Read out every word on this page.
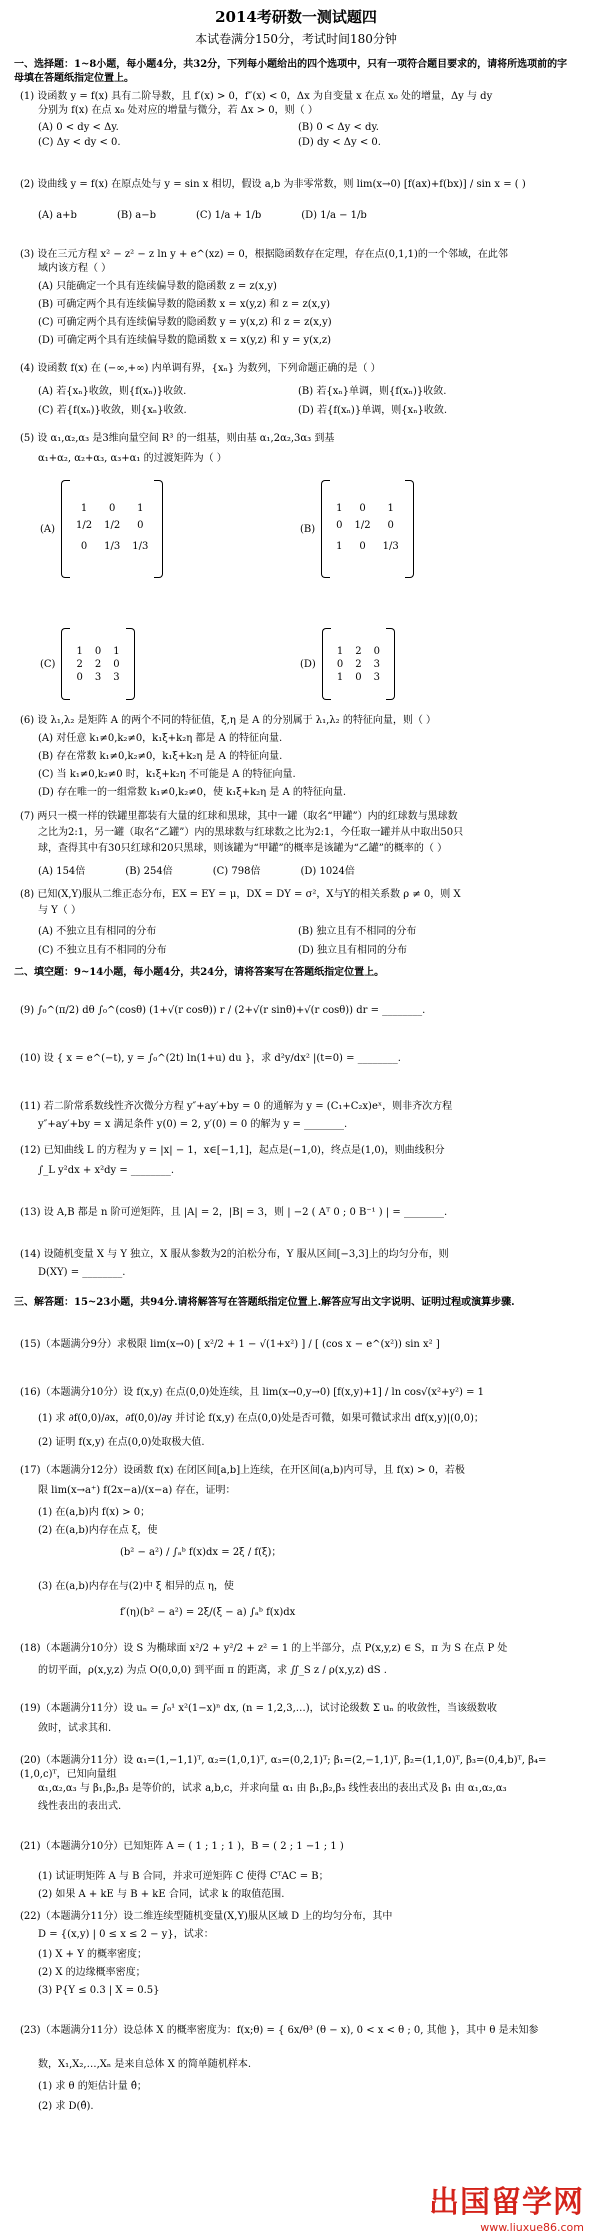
2014考研数一测试题四
本试卷满分150分，考试时间180分钟
一、选择题：1~8小题，每小题4分，共32分，下列每小题给出的四个选项中，只有一项符合题目要求的，请将所选项前的字母填在答题纸指定位置上。
(1) 设函数 y = f(x) 具有二阶导数，且 f′(x) > 0，f″(x) < 0，Δx 为自变量 x 在点 x₀ 处的增量，Δy 与 dy
分别为 f(x) 在点 x₀ 处对应的增量与微分，若 Δx > 0，则（ ）
(A) 0 < dy < Δy.	(B) 0 < Δy < dy.
(C) Δy < dy < 0.	(D) dy < Δy < 0.
(2) 设曲线 y = f(x) 在原点处与 y = sin x 相切，假设 a,b 为非零常数，则 lim(x→0) [f(ax)+f(bx)] / sin x = ( )
(A) a+b	(B) a−b	(C) 1/a + 1/b	(D) 1/a − 1/b
(3) 设在三元方程 x² − z² − z ln y + e^(xz) = 0，根据隐函数存在定理，存在点(0,1,1)的一个邻域，在此邻
域内该方程（ ）
(A) 只能确定一个具有连续偏导数的隐函数 z = z(x,y)
(B) 可确定两个具有连续偏导数的隐函数 x = x(y,z) 和 z = z(x,y)
(C) 可确定两个具有连续偏导数的隐函数 y = y(x,z) 和 z = z(x,y)
(D) 可确定两个具有连续偏导数的隐函数 x = x(y,z) 和 y = y(x,z)
(4) 设函数 f(x) 在 (−∞,+∞) 内单调有界，{xₙ} 为数列，下列命题正确的是（ ）
(A) 若{xₙ}收敛，则{f(xₙ)}收敛.	(B) 若{xₙ}单调，则{f(xₙ)}收敛.
(C) 若{f(xₙ)}收敛，则{xₙ}收敛.	(D) 若{f(xₙ)}单调，则{xₙ}收敛.
(5) 设 α₁,α₂,α₃ 是3维向量空间 R³ 的一组基，则由基 α₁,2α₂,3α₃ 到基
α₁+α₂, α₂+α₃, α₃+α₁ 的过渡矩阵为（ ）
(A)
1	0	1
1/2	1/2	0
0	1/3	1/3
(B)
1	0	1
0	1/2	0
1	0	1/3
(C)
1	0	1
2	2	0
0	3	3
(D)
1	2	0
0	2	3
1	0	3
(6) 设 λ₁,λ₂ 是矩阵 A 的两个不同的特征值，ξ,η 是 A 的分别属于 λ₁,λ₂ 的特征向量，则（ ）
(A) 对任意 k₁≠0,k₂≠0，k₁ξ+k₂η 都是 A 的特征向量.
(B) 存在常数 k₁≠0,k₂≠0，k₁ξ+k₂η 是 A 的特征向量.
(C) 当 k₁≠0,k₂≠0 时，k₁ξ+k₂η 不可能是 A 的特征向量.
(D) 存在唯一的一组常数 k₁≠0,k₂≠0，使 k₁ξ+k₂η 是 A 的特征向量.
(7) 两只一模一样的铁罐里都装有大量的红球和黑球，其中一罐（取名“甲罐”）内的红球数与黑球数
之比为2:1，另一罐（取名“乙罐”）内的黑球数与红球数之比为2:1，今任取一罐并从中取出50只
球，查得其中有30只红球和20只黑球，则该罐为“甲罐”的概率是该罐为“乙罐”的概率的（ ）
(A) 154倍	(B) 254倍	(C) 798倍	(D) 1024倍
(8) 已知(X,Y)服从二维正态分布，EX = EY = μ，DX = DY = σ²，X与Y的相关系数 ρ ≠ 0，则 X
与 Y（ ）
(A) 不独立且有相同的分布	(B) 独立且有不相同的分布
(C) 不独立且有不相同的分布	(D) 独立且有相同的分布
二、填空题：9~14小题，每小题4分，共24分，请将答案写在答题纸指定位置上。
(9) ∫₀^(π/2) dθ ∫₀^(cosθ) (1+√(r cosθ)) r / (2+√(r sinθ)+√(r cosθ)) dr = ________.
(10) 设 { x = e^(−t), y = ∫₀^(2t) ln(1+u) du }，求 d²y/dx² |(t=0) = ________.
(11) 若二阶常系数线性齐次微分方程 y″+ay′+by = 0 的通解为 y = (C₁+C₂x)eˣ，则非齐次方程
y″+ay′+by = x 满足条件 y(0) = 2, y′(0) = 0 的解为 y = ________.
(12) 已知曲线 L 的方程为 y = |x| − 1，x∈[−1,1]，起点是(−1,0)，终点是(1,0)，则曲线积分
∫_L y²dx + x²dy = ________.
(13) 设 A,B 都是 n 阶可逆矩阵，且 |A| = 2，|B| = 3，则 | −2 ( Aᵀ 0 ; 0 B⁻¹ ) | = ________.
(14) 设随机变量 X 与 Y 独立，X 服从参数为2的泊松分布，Y 服从区间[−3,3]上的均匀分布，则
D(XY) = ________.
三、解答题：15~23小题，共94分.请将解答写在答题纸指定位置上.解答应写出文字说明、证明过程或演算步骤.
(15)（本题满分9分）求极限 lim(x→0) [ x²/2 + 1 − √(1+x²) ] / [ (cos x − e^(x²)) sin x² ]
(16)（本题满分10分）设 f(x,y) 在点(0,0)处连续，且 lim(x→0,y→0) [f(x,y)+1] / ln cos√(x²+y²) = 1
(1) 求 ∂f(0,0)/∂x，∂f(0,0)/∂y 并讨论 f(x,y) 在点(0,0)处是否可微，如果可微试求出 df(x,y)|(0,0)；
(2) 证明 f(x,y) 在点(0,0)处取极大值.
(17)（本题满分12分）设函数 f(x) 在闭区间[a,b]上连续，在开区间(a,b)内可导，且 f(x) > 0，若极
限 lim(x→a⁺) f(2x−a)/(x−a) 存在，证明：
(1) 在(a,b)内 f(x) > 0；
(2) 在(a,b)内存在点 ξ，使
(b² − a²) / ∫ₐᵇ f(x)dx = 2ξ / f(ξ)；
(3) 在(a,b)内存在与(2)中 ξ 相异的点 η，使
f′(η)(b² − a²) = 2ξ/(ξ − a) ∫ₐᵇ f(x)dx
(18)（本题满分10分）设 S 为椭球面 x²/2 + y²/2 + z² = 1 的上半部分，点 P(x,y,z) ∈ S，π 为 S 在点 P 处
的切平面，ρ(x,y,z) 为点 O(0,0,0) 到平面 π 的距离，求 ∬_S z / ρ(x,y,z) dS .
(19)（本题满分11分）设 uₙ = ∫₀¹ x²(1−x)ⁿ dx, (n = 1,2,3,…)，试讨论级数 Σ uₙ 的收敛性，当该级数收
敛时，试求其和.
(20)（本题满分11分）设 α₁=(1,−1,1)ᵀ, α₂=(1,0,1)ᵀ, α₃=(0,2,1)ᵀ; β₁=(2,−1,1)ᵀ, β₂=(1,1,0)ᵀ, β₃=(0,4,b)ᵀ, β₄=(1,0,c)ᵀ，已知向量组
α₁,α₂,α₃ 与 β₁,β₂,β₃ 是等价的，试求 a,b,c，并求向量 α₁ 由 β₁,β₂,β₃ 线性表出的表出式及 β₁ 由 α₁,α₂,α₃
线性表出的表出式.
(21)（本题满分10分）已知矩阵 A = ( 1 ; 1 ; 1 )，B = ( 2 ; 1 −1 ; 1 )
(1) 试证明矩阵 A 与 B 合同，并求可逆矩阵 C 使得 CᵀAC = B；
(2) 如果 A + kE 与 B + kE 合同，试求 k 的取值范围.
(22)（本题满分11分）设二维连续型随机变量(X,Y)服从区域 D 上的均匀分布，其中
D = {(x,y) | 0 ≤ x ≤ 2 − y}，试求：
(1) X + Y 的概率密度；
(2) X 的边缘概率密度；
(3) P{Y ≤ 0.3 | X = 0.5}
(23)（本题满分11分）设总体 X 的概率密度为：f(x;θ) = { 6x/θ³ (θ − x), 0 < x < θ ; 0, 其他 }，其中 θ 是未知参
数，X₁,X₂,…,Xₙ 是来自总体 X 的简单随机样本.
(1) 求 θ 的矩估计量 θ̂；
(2) 求 D(θ̂).
出国留学网
www.liuxue86.com
